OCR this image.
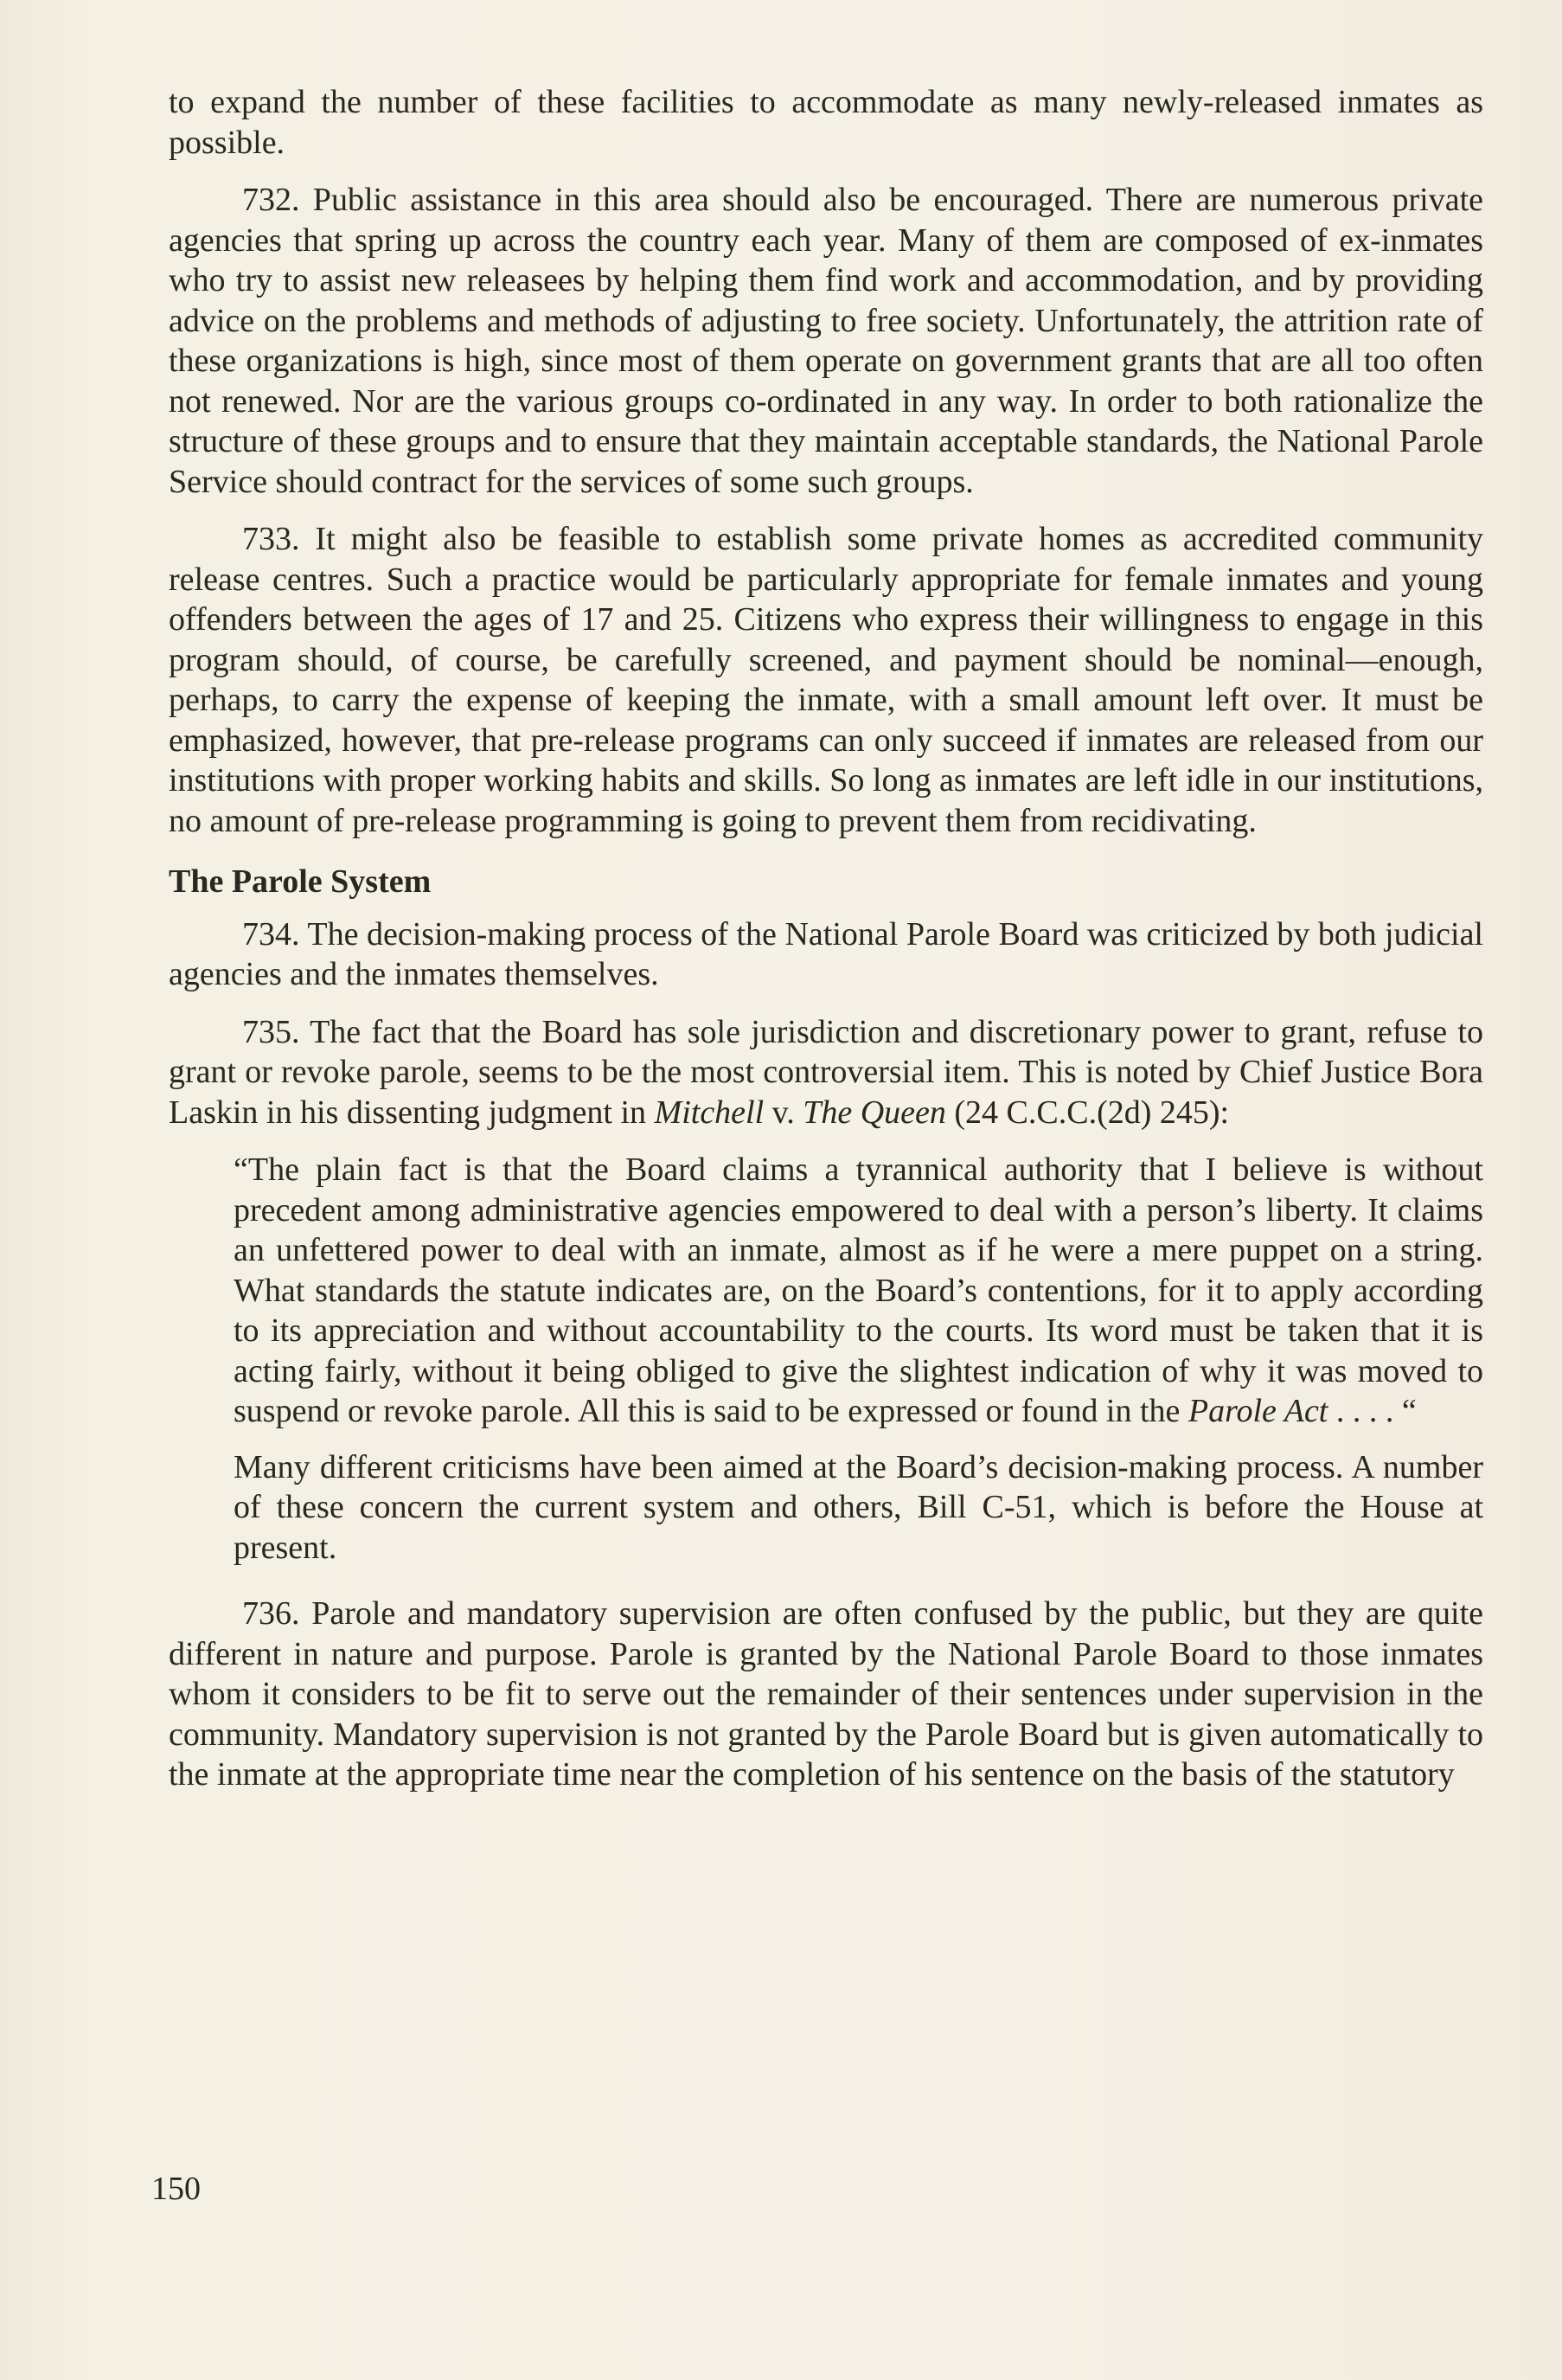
to expand the number of these facilities to accommodate as many newly-released inmates as possible.

732. Public assistance in this area should also be encouraged. There are numerous private agencies that spring up across the country each year. Many of them are composed of ex-inmates who try to assist new releasees by helping them find work and accommodation, and by providing advice on the problems and methods of adjusting to free society. Unfortunately, the attrition rate of these organizations is high, since most of them operate on government grants that are all too often not renewed. Nor are the various groups co-ordinated in any way. In order to both rationalize the structure of these groups and to ensure that they maintain acceptable standards, the National Parole Service should contract for the services of some such groups.

733. It might also be feasible to establish some private homes as accredited community release centres. Such a practice would be particularly appropriate for female inmates and young offenders between the ages of 17 and 25. Citizens who express their willingness to engage in this program should, of course, be carefully screened, and payment should be nominal—enough, perhaps, to carry the expense of keeping the inmate, with a small amount left over. It must be emphasized, however, that pre-release programs can only succeed if inmates are released from our institutions with proper working habits and skills. So long as inmates are left idle in our institutions, no amount of pre-release programming is going to prevent them from recidivating.

The Parole System

734. The decision-making process of the National Parole Board was criticized by both judicial agencies and the inmates themselves.

735. The fact that the Board has sole jurisdiction and discretionary power to grant, refuse to grant or revoke parole, seems to be the most controversial item. This is noted by Chief Justice Bora Laskin in his dissenting judgment in Mitchell v. The Queen (24 C.C.C.(2d) 245):

“The plain fact is that the Board claims a tyrannical authority that I believe is without precedent among administrative agencies empowered to deal with a person’s liberty. It claims an unfettered power to deal with an inmate, almost as if he were a mere puppet on a string. What standards the statute indicates are, on the Board’s contentions, for it to apply according to its appreciation and without accountability to the courts. Its word must be taken that it is acting fairly, without it being obliged to give the slightest indication of why it was moved to suspend or revoke parole. All this is said to be expressed or found in the Parole Act . . . . “

Many different criticisms have been aimed at the Board’s decision-making process. A number of these concern the current system and others, Bill C-51, which is before the House at present.

736. Parole and mandatory supervision are often confused by the public, but they are quite different in nature and purpose. Parole is granted by the National Parole Board to those inmates whom it considers to be fit to serve out the remainder of their sentences under supervision in the community. Mandatory supervision is not granted by the Parole Board but is given automatically to the inmate at the appropriate time near the completion of his sentence on the basis of the statutory

150
